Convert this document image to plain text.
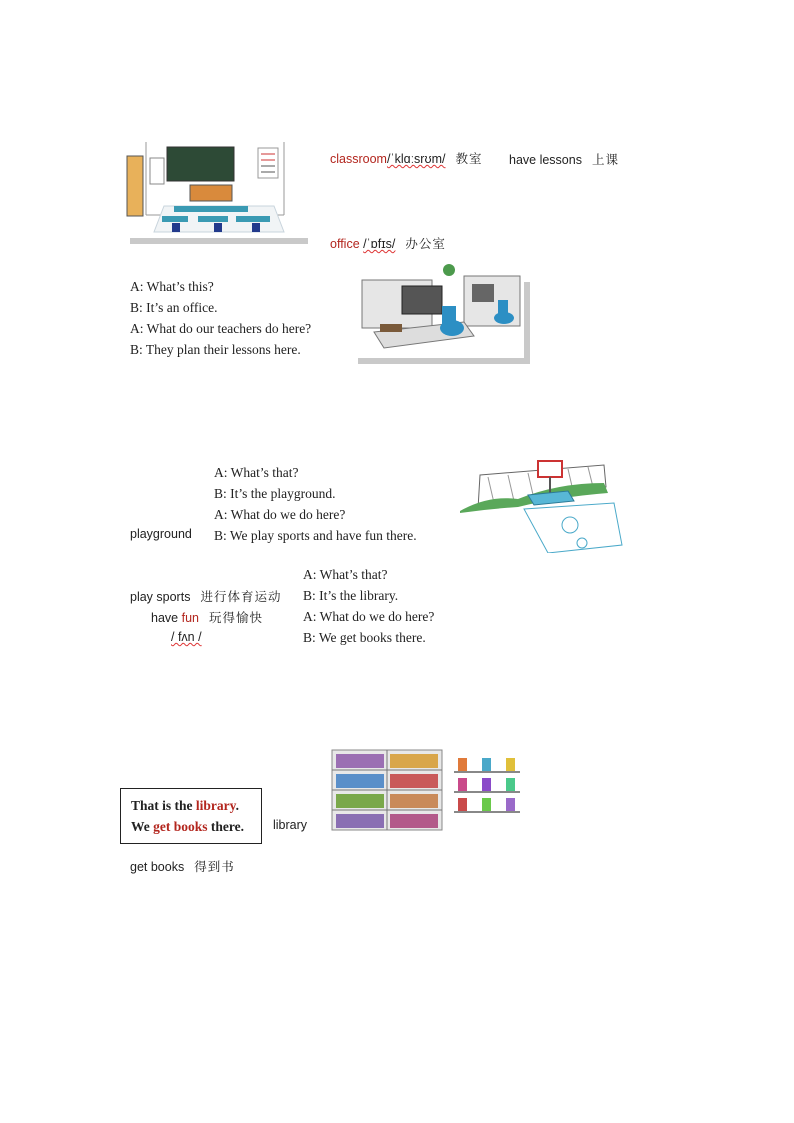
classroom/ˈklɑːsrʊm/ 教室 have lessons 上课
office /ˈɒfɪs/ 办公室
A: What’s this?
B: It’s an office.
A: What do our teachers do here?
B: They plan their lessons here.
A: What’s that?
B: It’s the playground.
A: What do we do here?
B: We play sports and have fun there.
playground
play sports 进行体育运动
have fun 玩得愉快
/ fʌn /
A: What’s that?
B: It’s the library.
A: What do we do here?
B: We get books there.
That is the library.
We get books there.	library
get books 得到书
